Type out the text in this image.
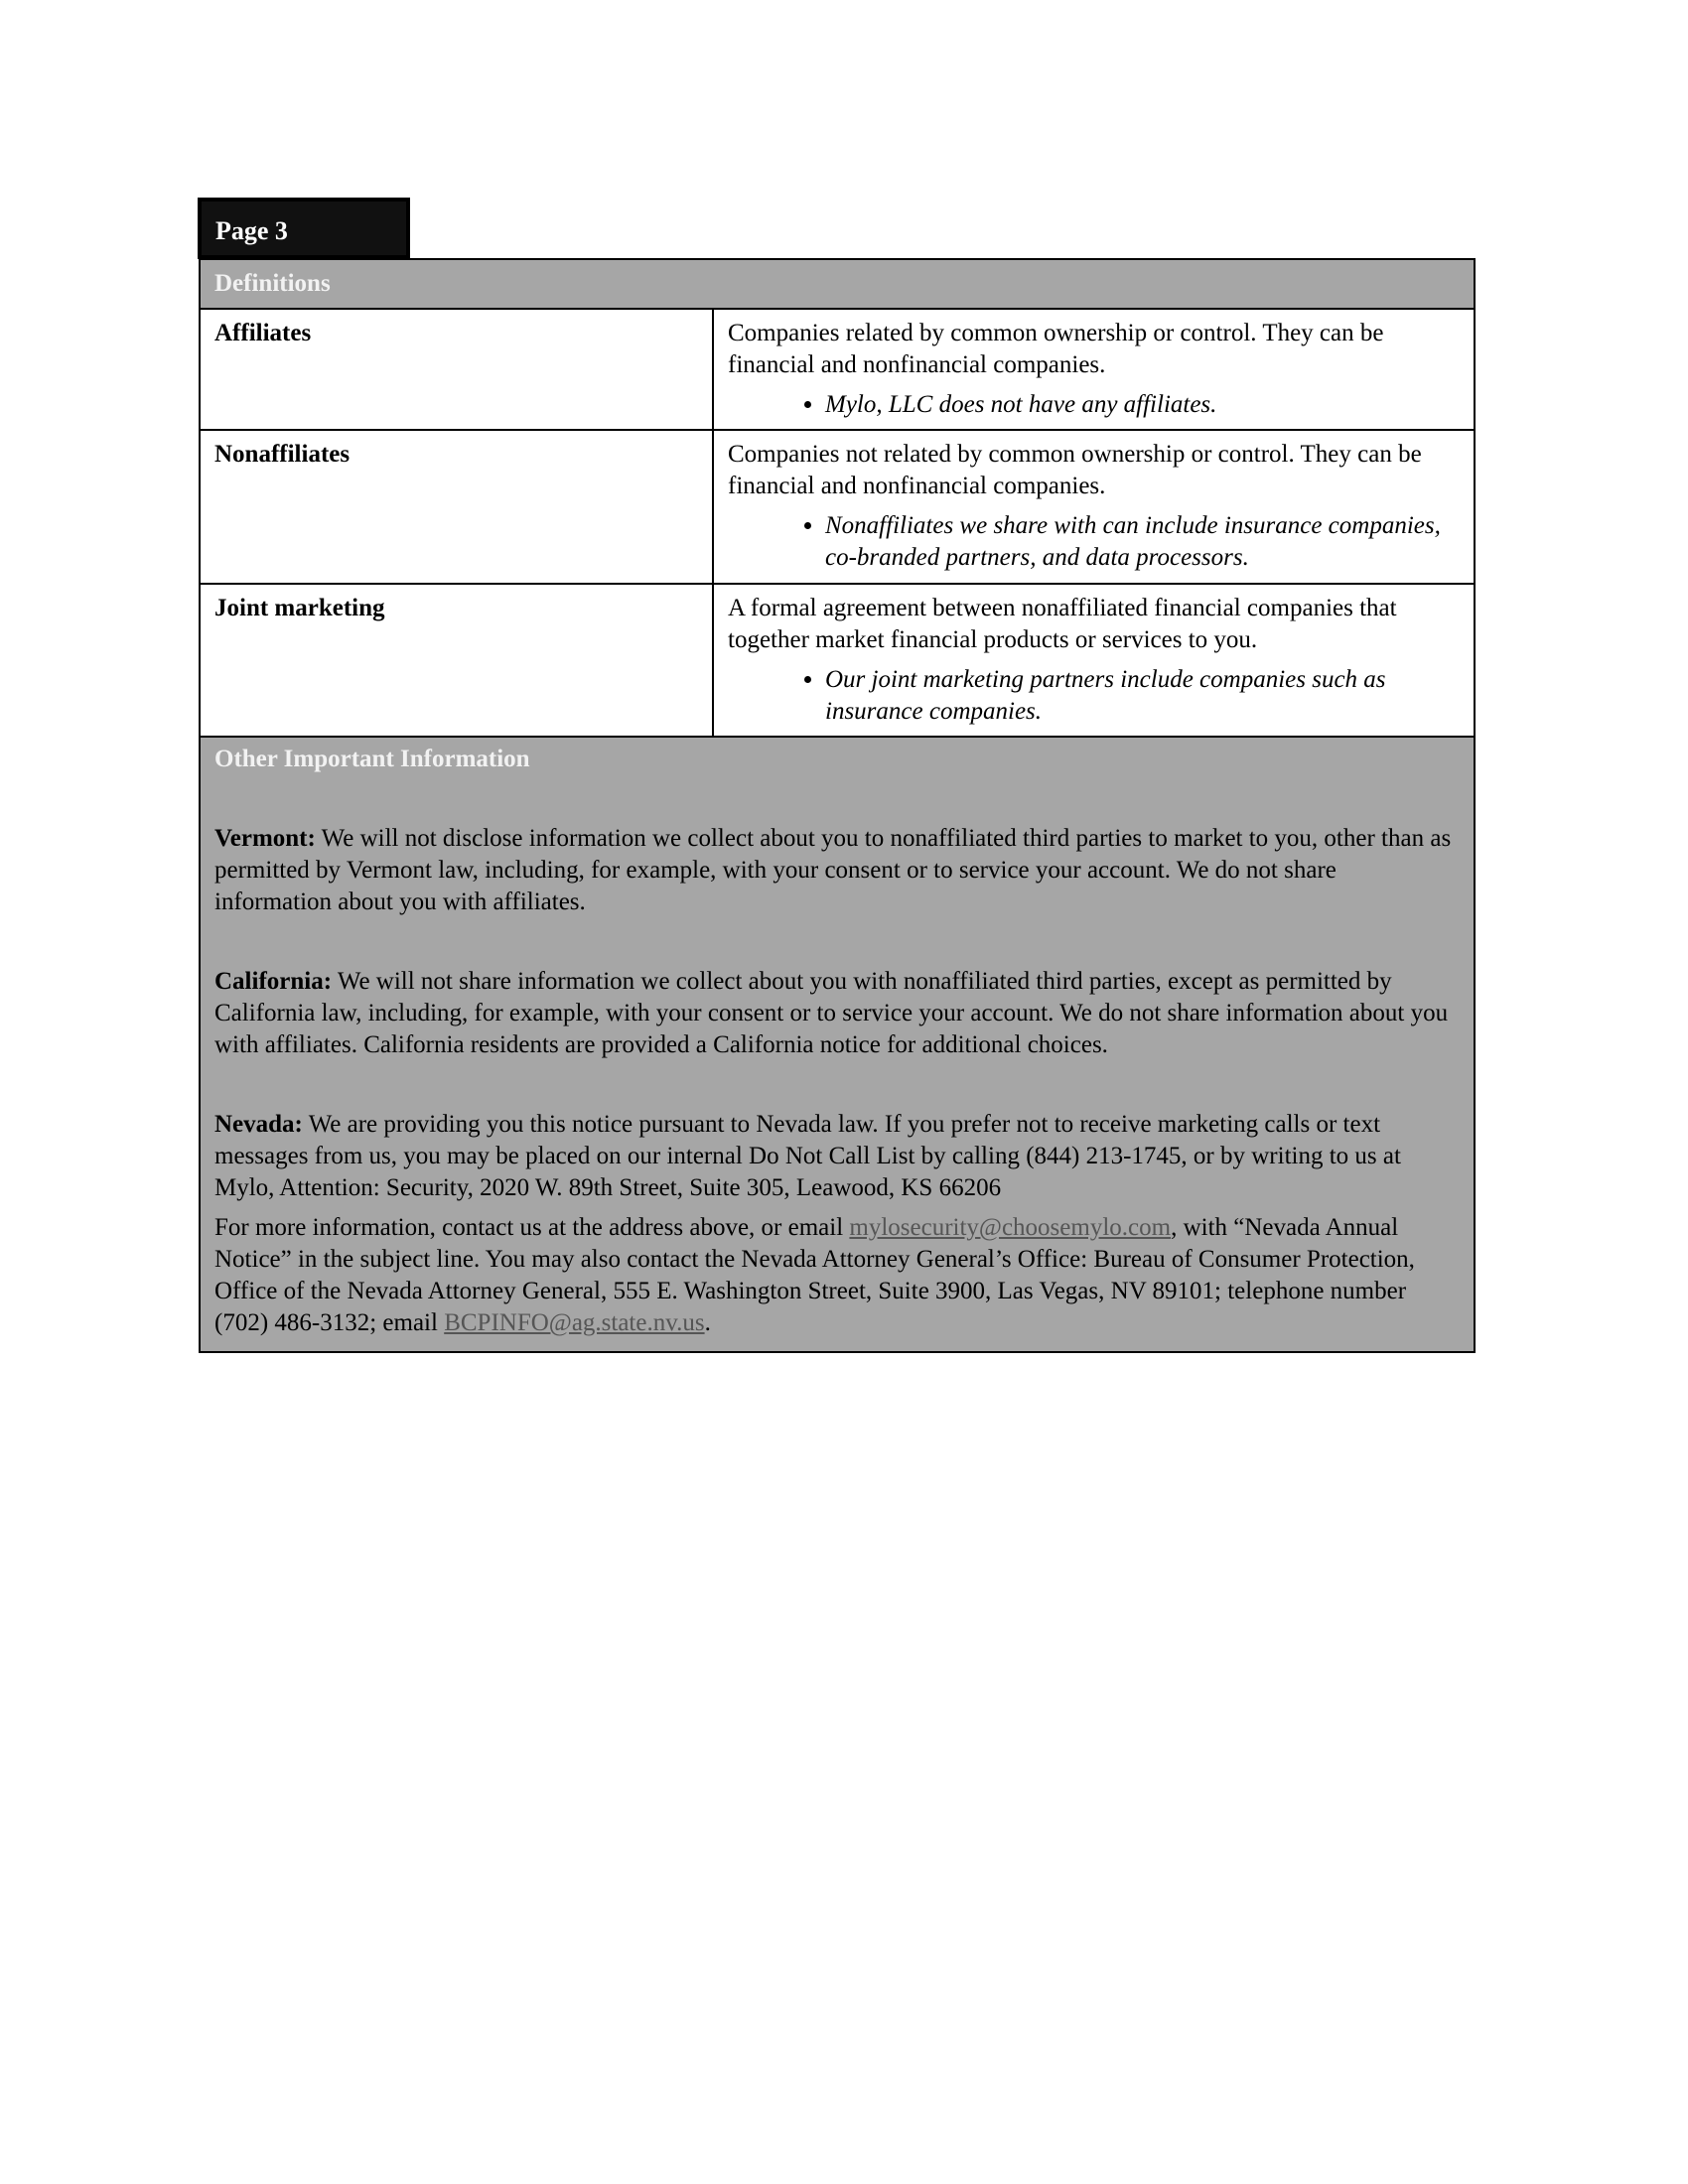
Page 3
Definitions
Affiliates	Companies related by common ownership or control. They can be financial and nonfinancial companies.
• Mylo, LLC does not have any affiliates.
Nonaffiliates	Companies not related by common ownership or control. They can be financial and nonfinancial companies.
• Nonaffiliates we share with can include insurance companies, co-branded partners, and data processors.
Joint marketing	A formal agreement between nonaffiliated financial companies that together market financial products or services to you.
• Our joint marketing partners include companies such as insurance companies.
Other Important Information

Vermont: We will not disclose information we collect about you to nonaffiliated third parties to market to you, other than as permitted by Vermont law, including, for example, with your consent or to service your account. We do not share information about you with affiliates.

California: We will not share information we collect about you with nonaffiliated third parties, except as permitted by California law, including, for example, with your consent or to service your account. We do not share information about you with affiliates. California residents are provided a California notice for additional choices.

Nevada: We are providing you this notice pursuant to Nevada law. If you prefer not to receive marketing calls or text messages from us, you may be placed on our internal Do Not Call List by calling (844) 213-1745, or by writing to us at Mylo, Attention: Security, 2020 W. 89th Street, Suite 305, Leawood, KS 66206

For more information, contact us at the address above, or email mylosecurity@choosemylo.com, with “Nevada Annual Notice” in the subject line. You may also contact the Nevada Attorney General’s Office: Bureau of Consumer Protection, Office of the Nevada Attorney General, 555 E. Washington Street, Suite 3900, Las Vegas, NV 89101; telephone number (702) 486-3132; email BCPINFO@ag.state.nv.us.
